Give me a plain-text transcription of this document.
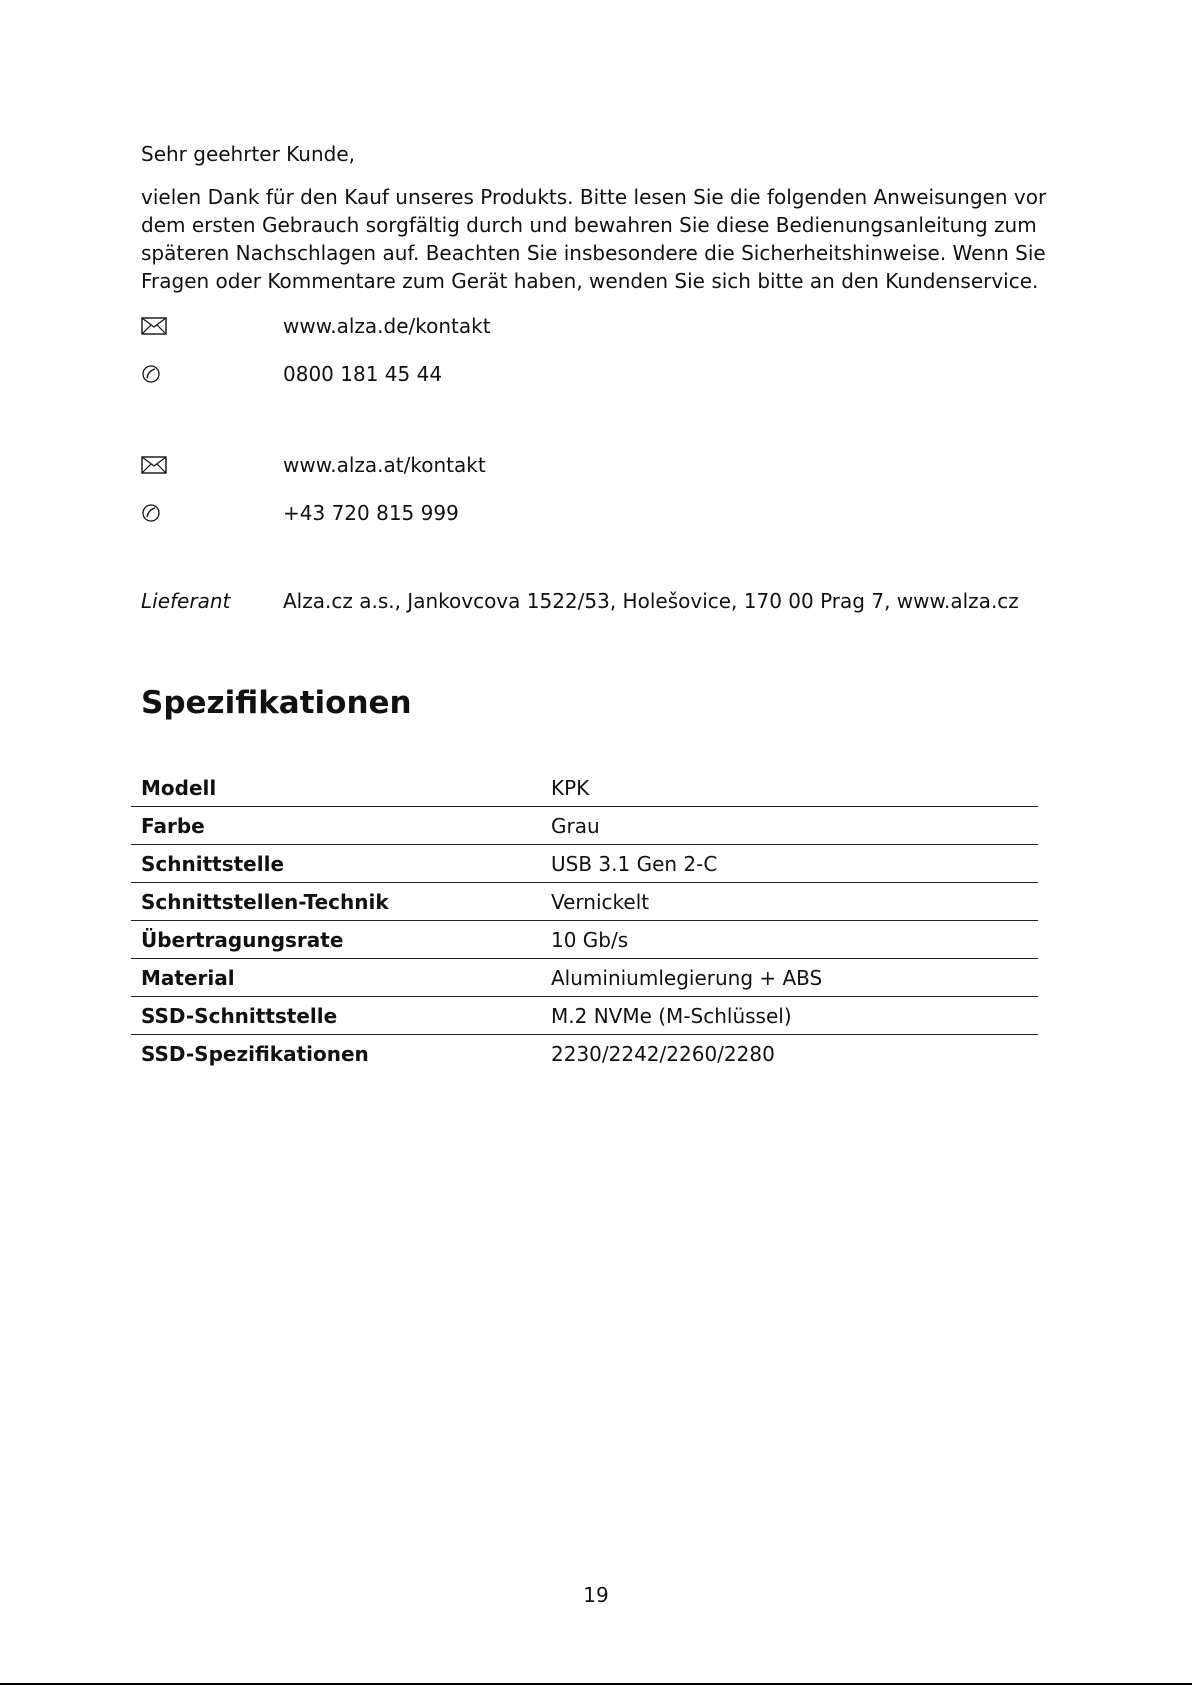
Sehr geehrter Kunde,
vielen Dank für den Kauf unseres Produkts. Bitte lesen Sie die folgenden Anweisungen vor dem ersten Gebrauch sorgfältig durch und bewahren Sie diese Bedienungsanleitung zum späteren Nachschlagen auf. Beachten Sie insbesondere die Sicherheitshinweise. Wenn Sie Fragen oder Kommentare zum Gerät haben, wenden Sie sich bitte an den Kundenservice.
www.alza.de/kontakt
0800 181 45 44
www.alza.at/kontakt
+43 720 815 999
Lieferant	Alza.cz a.s., Jankovcova 1522/53, Holešovice, 170 00 Prag 7, www.alza.cz
Spezifikationen
Modell	KPK
Farbe	Grau
Schnittstelle	USB 3.1 Gen 2-C
Schnittstellen-Technik	Vernickelt
Übertragungsrate	10 Gb/s
Material	Aluminiumlegierung + ABS
SSD-Schnittstelle	M.2 NVMe (M-Schlüssel)
SSD-Spezifikationen	2230/2242/2260/2280
19
